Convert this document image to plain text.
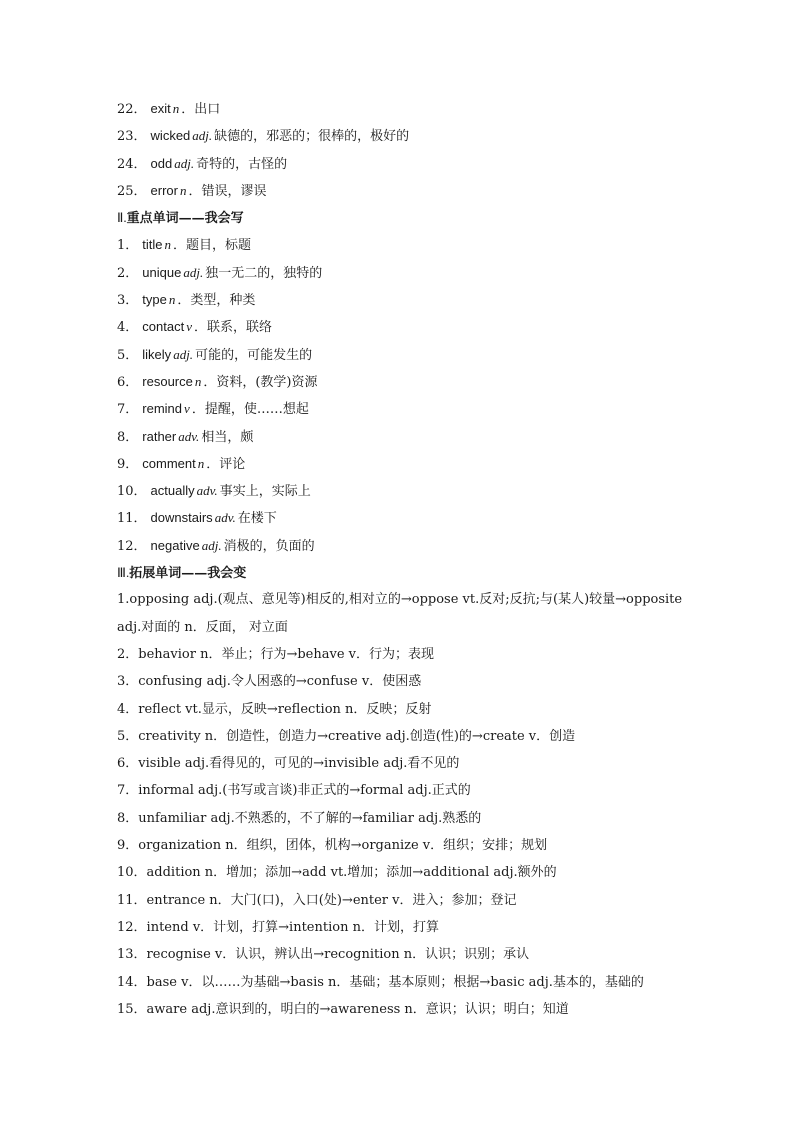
22． exit n ．出口
23． wicked adj. 缺德的，邪恶的；很棒的，极好的
24． odd adj. 奇特的，古怪的
25． error n ．错误，谬误
Ⅱ.重点单词——我会写
1． title n ．题目，标题
2． unique adj. 独一无二的，独特的
3． type n ．类型，种类
4． contact v ．联系，联络
5． likely adj. 可能的，可能发生的
6． resource n ．资料，(教学)资源
7． remind v ．提醒，使……想起
8． rather adv. 相当，颇
9． comment n ．评论
10． actually adv. 事实上，实际上
11． downstairs adv. 在楼下
12． negative adj. 消极的，负面的
Ⅲ.拓展单词——我会变
1.opposing adj.(观点、意见等)相反的,相对立的→oppose vt.反对;反抗;与(某人)较量→opposite adj.对面的 n．反面， 对立面
2．behavior n．举止；行为→behave v．行为；表现
3．confusing adj.令人困惑的→confuse v．使困惑
4．reflect vt.显示，反映→reflection n．反映；反射
5．creativity n．创造性，创造力→creative adj.创造(性)的→create v．创造
6．visible adj.看得见的，可见的→invisible adj.看不见的
7．informal adj.(书写或言谈)非正式的→formal adj.正式的
8．unfamiliar adj.不熟悉的，不了解的→familiar adj.熟悉的
9．organization n．组织，团体，机构→organize v．组织；安排；规划
10．addition n．增加；添加→add vt.增加；添加→additional adj.额外的
11．entrance n．大门(口)，入口(处)→enter v．进入；参加；登记
12．intend v．计划，打算→intention n．计划，打算
13．recognise v．认识，辨认出→recognition n．认识；识别；承认
14．base v．以……为基础→basis n．基础；基本原则；根据→basic adj.基本的，基础的
15．aware adj.意识到的，明白的→awareness n．意识；认识；明白；知道
